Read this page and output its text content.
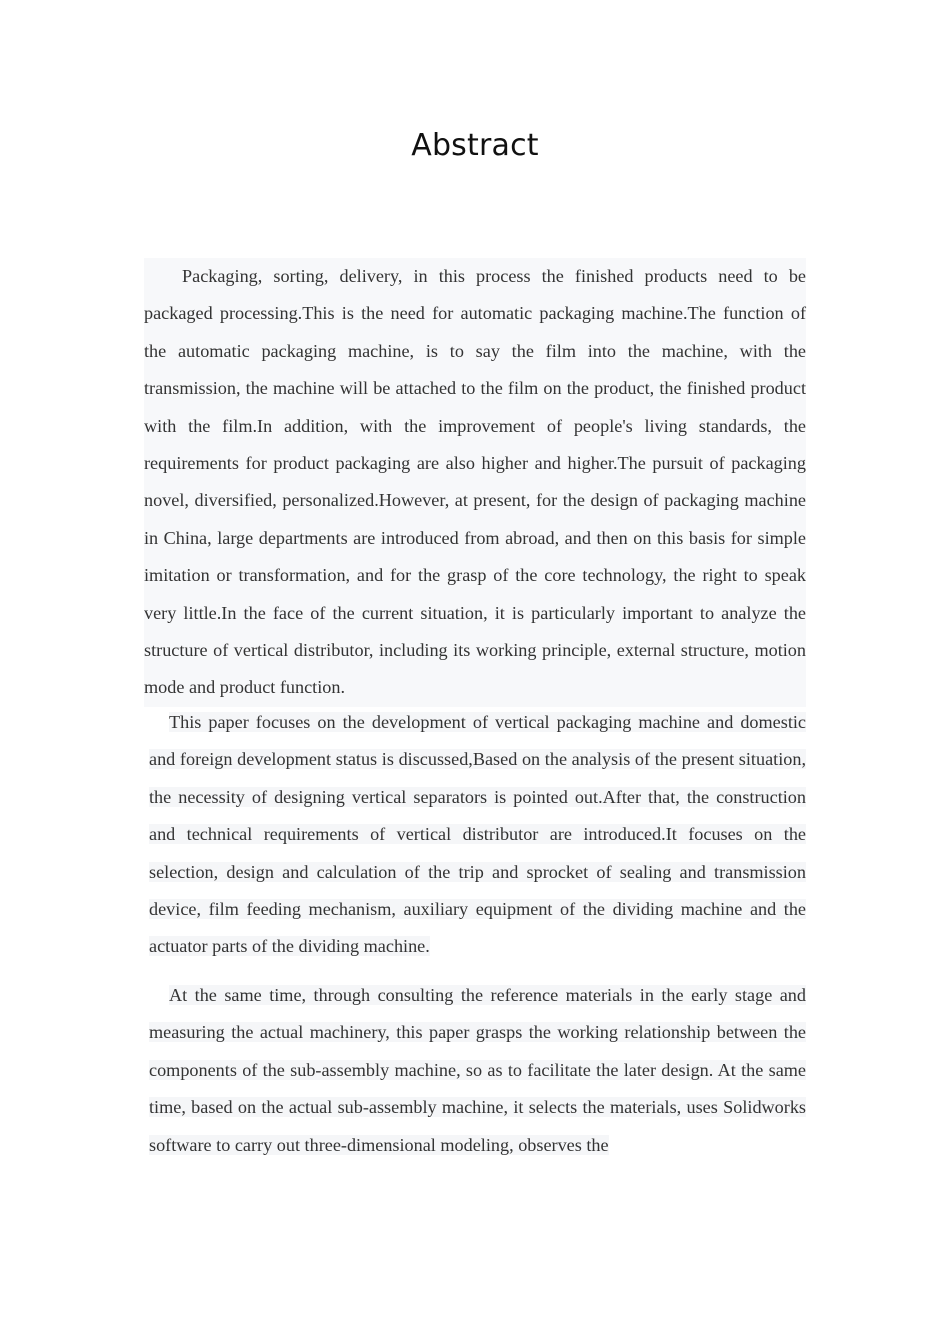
Abstract

Packaging, sorting, delivery, in this process the finished products need to be packaged processing.This is the need for automatic packaging machine.The function of the automatic packaging machine, is to say the film into the machine, with the transmission, the machine will be attached to the film on the product, the finished product with the film.In addition, with the improvement of people's living standards, the requirements for product packaging are also higher and higher.The pursuit of packaging novel, diversified, personalized.However, at present, for the design of packaging machine in China, large departments are introduced from abroad, and then on this basis for simple imitation or transformation, and for the grasp of the core technology, the right to speak very little.In the face of the current situation, it is particularly important to analyze the structure of vertical distributor, including its working principle, external structure, motion mode and product function.

This paper focuses on the development of vertical packaging machine and domestic and foreign development status is discussed,Based on the analysis of the present situation, the necessity of designing vertical separators is pointed out.After that, the construction and technical requirements of vertical distributor are introduced.It focuses on the selection, design and calculation of the trip and sprocket of sealing and transmission device, film feeding mechanism, auxiliary equipment of the dividing machine and the actuator parts of the dividing machine.

At the same time, through consulting the reference materials in the early stage and measuring the actual machinery, this paper grasps the working relationship between the components of the sub-assembly machine, so as to facilitate the later design. At the same time, based on the actual sub-assembly machine, it selects the materials, uses Solidworks software to carry out three-dimensional modeling, observes the
